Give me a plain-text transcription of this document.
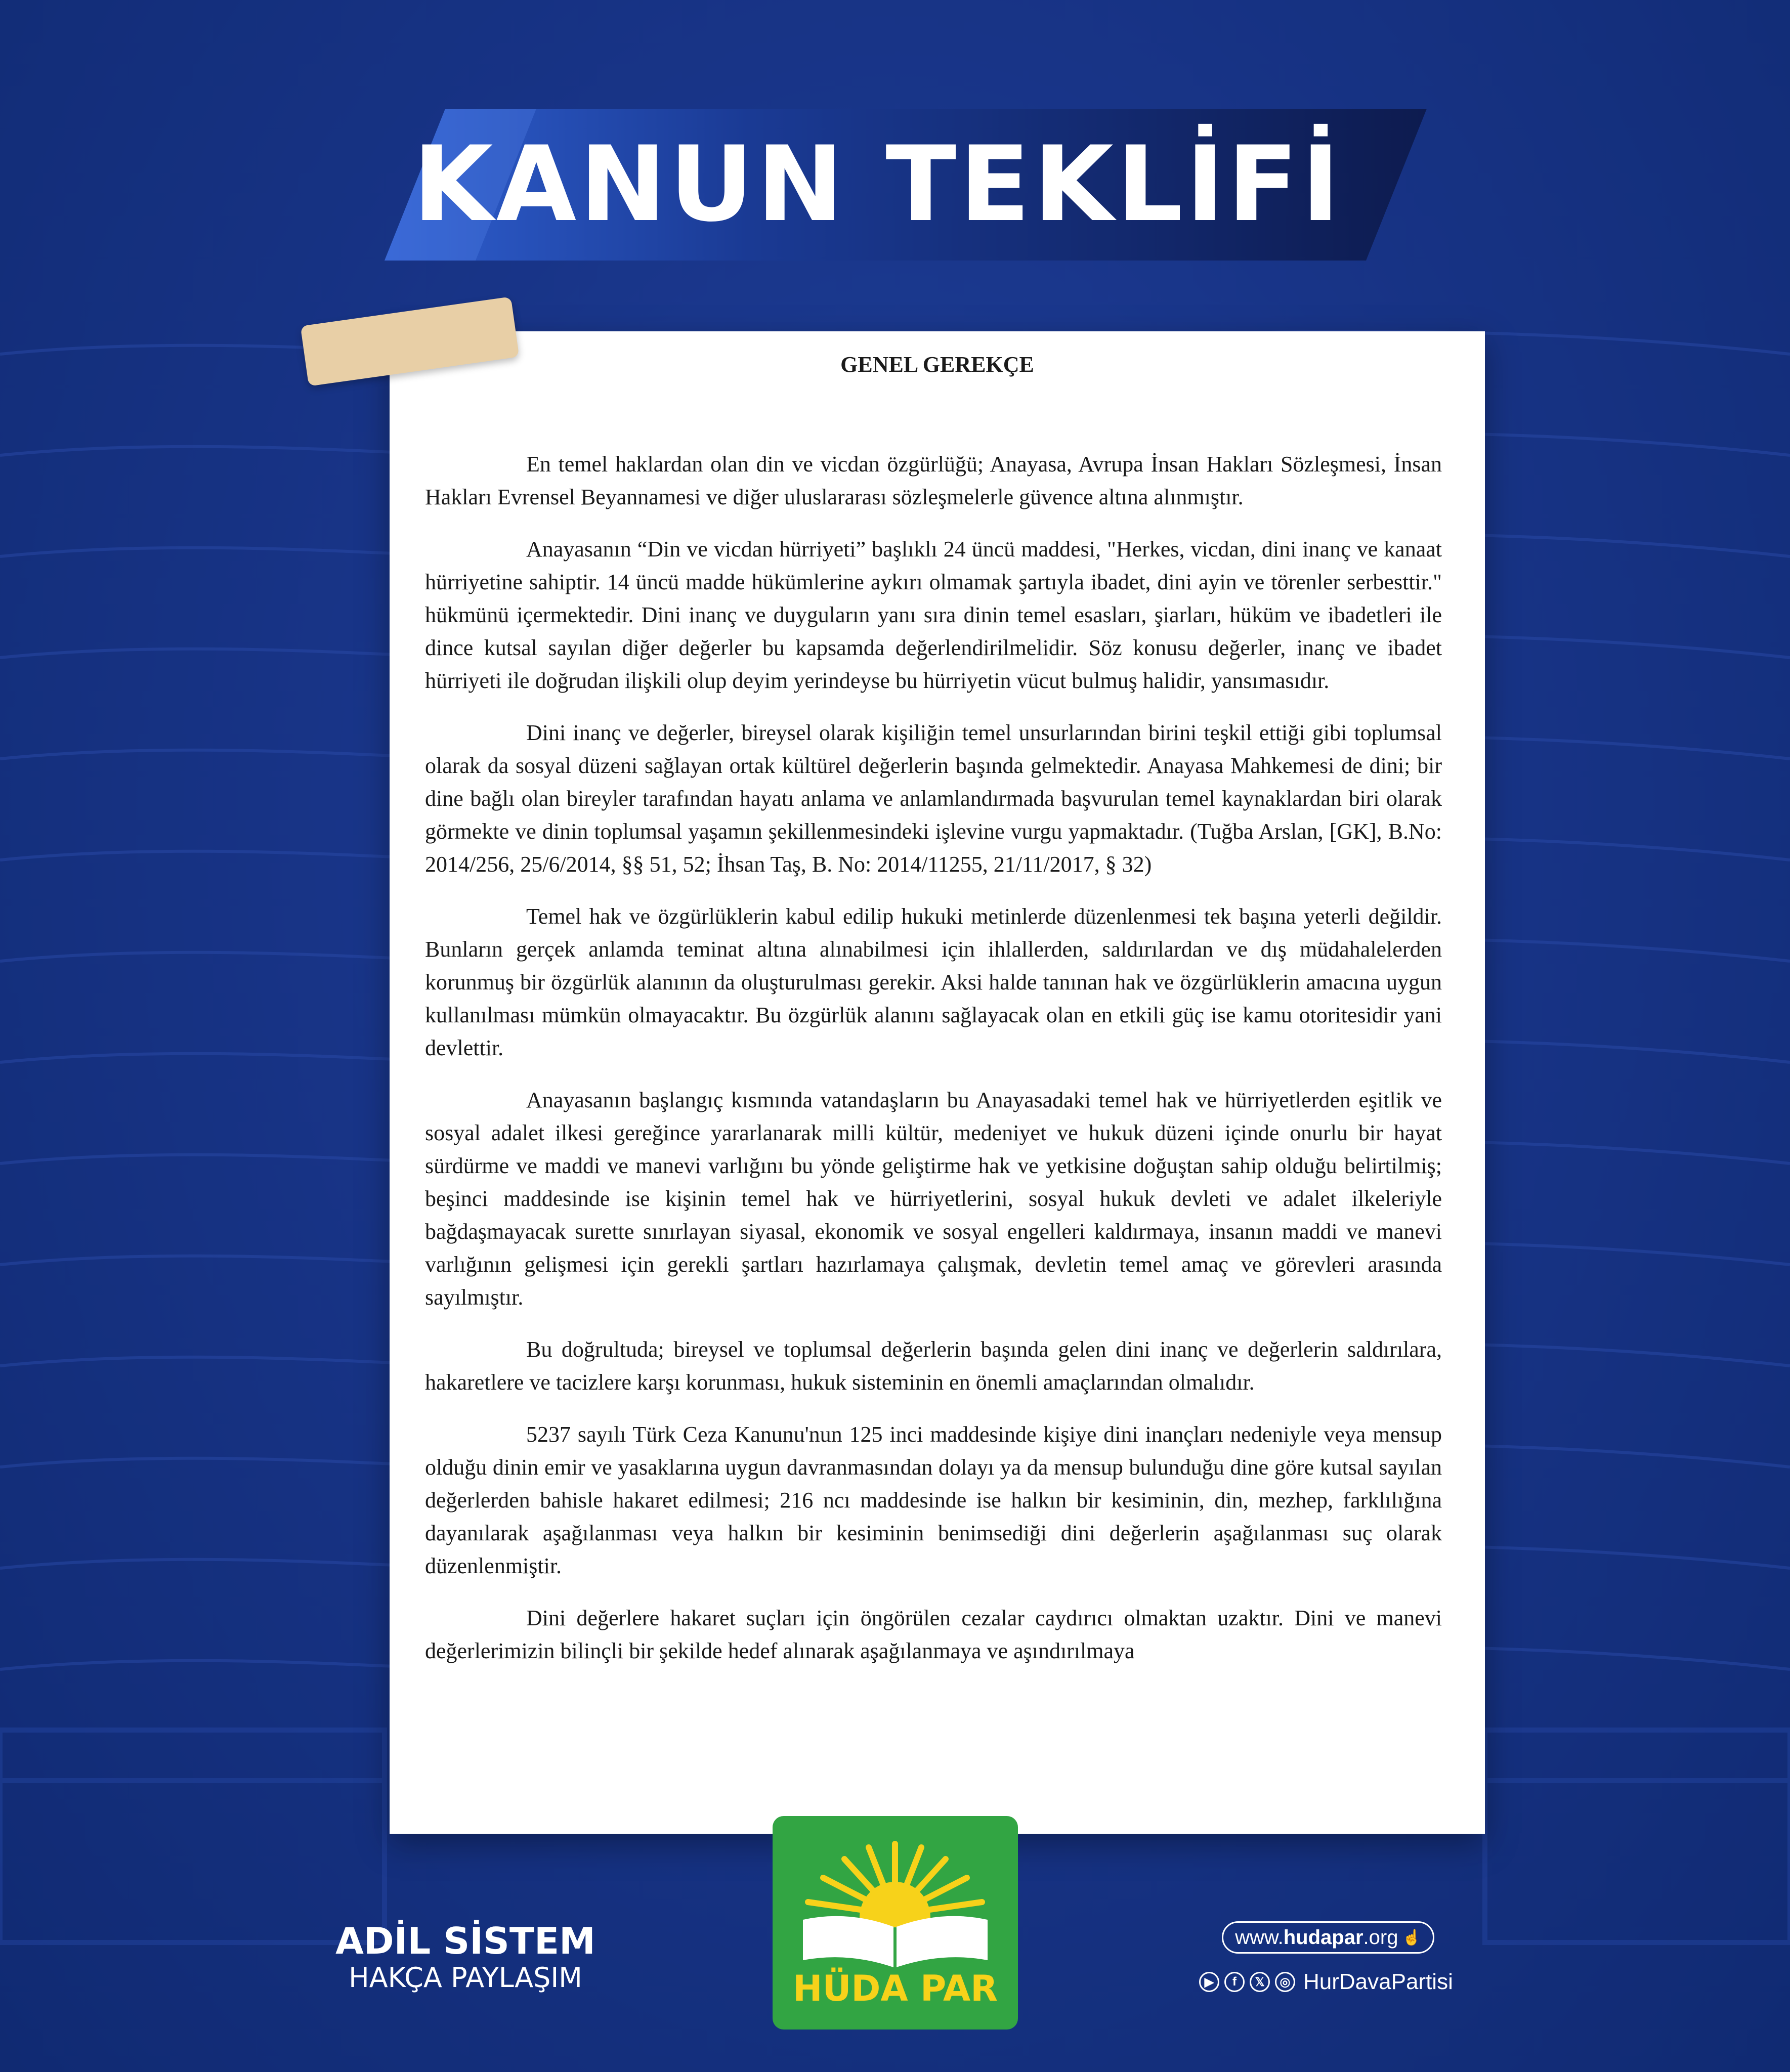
KANUN TEKLİFİ
GENEL GEREKÇE

En temel haklardan olan din ve vicdan özgürlüğü; Anayasa, Avrupa İnsan Hakları Sözleşmesi, İnsan Hakları Evrensel Beyannamesi ve diğer uluslararası sözleşmelerle güvence altına alınmıştır.

Anayasanın “Din ve vicdan hürriyeti” başlıklı 24 üncü maddesi, "Herkes, vicdan, dini inanç ve kanaat hürriyetine sahiptir. 14 üncü madde hükümlerine aykırı olmamak şartıyla ibadet, dini ayin ve törenler serbesttir." hükmünü içermektedir. Dini inanç ve duyguların yanı sıra dinin temel esasları, şiarları, hüküm ve ibadetleri ile dince kutsal sayılan diğer değerler bu kapsamda değerlendirilmelidir. Söz konusu değerler, inanç ve ibadet hürriyeti ile doğrudan ilişkili olup deyim yerindeyse bu hürriyetin vücut bulmuş halidir, yansımasıdır.

Dini inanç ve değerler, bireysel olarak kişiliğin temel unsurlarından birini teşkil ettiği gibi toplumsal olarak da sosyal düzeni sağlayan ortak kültürel değerlerin başında gelmektedir. Anayasa Mahkemesi de dini; bir dine bağlı olan bireyler tarafından hayatı anlama ve anlamlandırmada başvurulan temel kaynaklardan biri olarak görmekte ve dinin toplumsal yaşamın şekillenmesindeki işlevine vurgu yapmaktadır. (Tuğba Arslan, [GK], B.No: 2014/256, 25/6/2014, §§ 51, 52; İhsan Taş, B. No: 2014/11255, 21/11/2017, § 32)

Temel hak ve özgürlüklerin kabul edilip hukuki metinlerde düzenlenmesi tek başına yeterli değildir. Bunların gerçek anlamda teminat altına alınabilmesi için ihlallerden, saldırılardan ve dış müdahalelerden korunmuş bir özgürlük alanının da oluşturulması gerekir. Aksi halde tanınan hak ve özgürlüklerin amacına uygun kullanılması mümkün olmayacaktır. Bu özgürlük alanını sağlayacak olan en etkili güç ise kamu otoritesidir yani devlettir.

Anayasanın başlangıç kısmında vatandaşların bu Anayasadaki temel hak ve hürriyetlerden eşitlik ve sosyal adalet ilkesi gereğince yararlanarak milli kültür, medeniyet ve hukuk düzeni içinde onurlu bir hayat sürdürme ve maddi ve manevi varlığını bu yönde geliştirme hak ve yetkisine doğuştan sahip olduğu belirtilmiş; beşinci maddesinde ise kişinin temel hak ve hürriyetlerini, sosyal hukuk devleti ve adalet ilkeleriyle bağdaşmayacak surette sınırlayan siyasal, ekonomik ve sosyal engelleri kaldırmaya, insanın maddi ve manevi varlığının gelişmesi için gerekli şartları hazırlamaya çalışmak, devletin temel amaç ve görevleri arasında sayılmıştır.

Bu doğrultuda; bireysel ve toplumsal değerlerin başında gelen dini inanç ve değerlerin saldırılara, hakaretlere ve tacizlere karşı korunması, hukuk sisteminin en önemli amaçlarından olmalıdır.

5237 sayılı Türk Ceza Kanunu'nun 125 inci maddesinde kişiye dini inançları nedeniyle veya mensup olduğu dinin emir ve yasaklarına uygun davranmasından dolayı ya da mensup bulunduğu dine göre kutsal sayılan değerlerden bahisle hakaret edilmesi; 216 ncı maddesinde ise halkın bir kesiminin, din, mezhep, farklılığına dayanılarak aşağılanması veya halkın bir kesiminin benimsediği dini değerlerin aşağılanması suç olarak düzenlenmiştir.

Dini değerlere hakaret suçları için öngörülen cezalar caydırıcı olmaktan uzaktır. Dini ve manevi değerlerimizin bilinçli bir şekilde hedef alınarak aşağılanmaya ve aşındırılmaya

HÜDA PAR
ADİL SİSTEM
HAKÇA PAYLAŞIM
www. hudapar .org ☝
▶	f	𝕏	◎ HurDavaPartisi
